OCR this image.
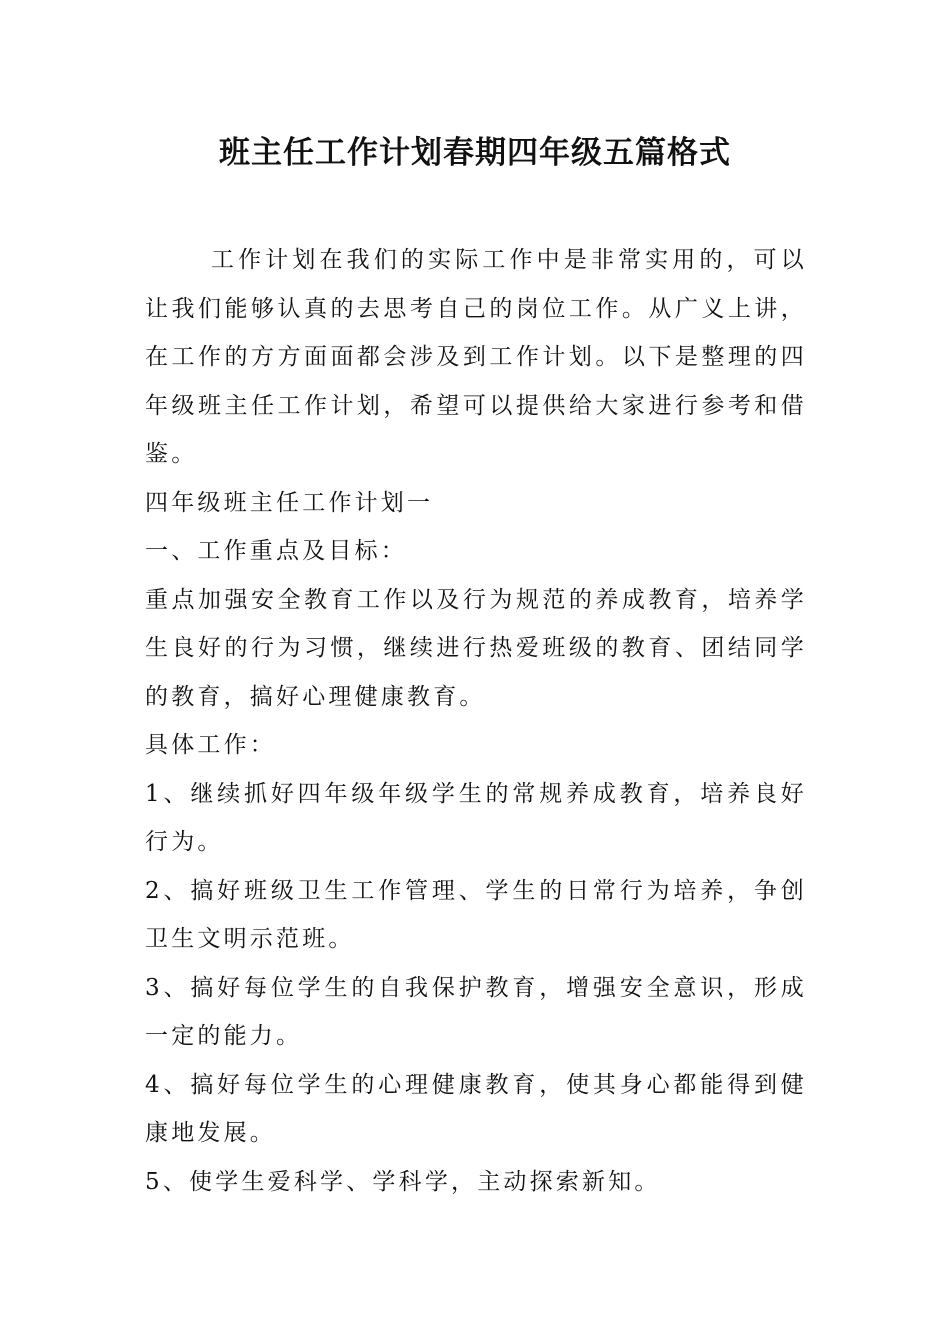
班主任工作计划春期四年级五篇格式

工作计划在我们的实际工作中是非常实用的，可以让我们能够认真的去思考自己的岗位工作。从广义上讲，在工作的方方面面都会涉及到工作计划。以下是整理的四年级班主任工作计划，希望可以提供给大家进行参考和借鉴。

四年级班主任工作计划一

一、工作重点及目标：

重点加强安全教育工作以及行为规范的养成教育，培养学生良好的行为习惯，继续进行热爱班级的教育、团结同学的教育，搞好心理健康教育。

具体工作：

1、继续抓好四年级年级学生的常规养成教育，培养良好行为。

2、搞好班级卫生工作管理、学生的日常行为培养，争创卫生文明示范班。

3、搞好每位学生的自我保护教育，增强安全意识，形成一定的能力。

4、搞好每位学生的心理健康教育，使其身心都能得到健康地发展。

5、使学生爱科学、学科学，主动探索新知。
